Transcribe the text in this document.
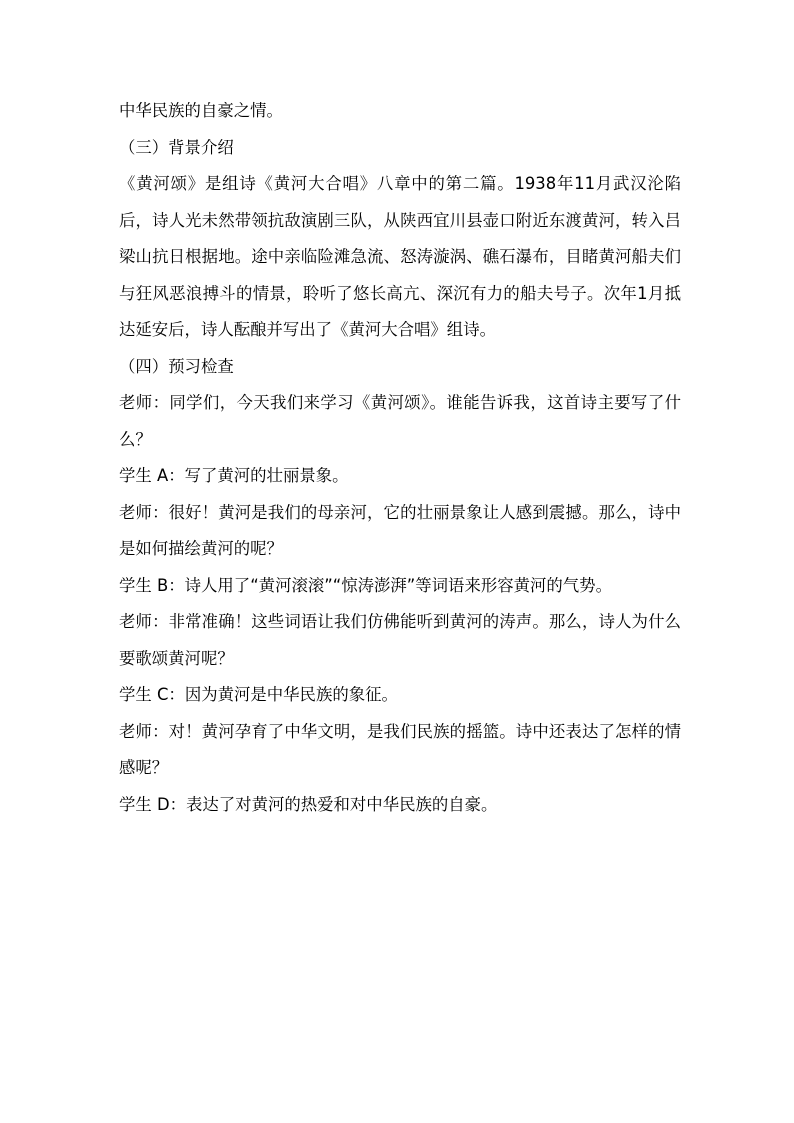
中华民族的自豪之情。

（三）背景介绍

《黄河颂》是组诗《黄河大合唱》八章中的第二篇。1938年11月武汉沦陷后，诗人光未然带领抗敌演剧三队，从陕西宜川县壶口附近东渡黄河，转入吕梁山抗日根据地。途中亲临险滩急流、怒涛漩涡、礁石瀑布，目睹黄河船夫们与狂风恶浪搏斗的情景，聆听了悠长高亢、深沉有力的船夫号子。次年1月抵达延安后，诗人酝酿并写出了《黄河大合唱》组诗。

（四）预习检查

老师：同学们，今天我们来学习《黄河颂》。谁能告诉我，这首诗主要写了什么？

学生 A：写了黄河的壮丽景象。

老师：很好！黄河是我们的母亲河，它的壮丽景象让人感到震撼。那么，诗中是如何描绘黄河的呢？

学生 B：诗人用了“黄河滚滚”“惊涛澎湃”等词语来形容黄河的气势。

老师：非常准确！这些词语让我们仿佛能听到黄河的涛声。那么，诗人为什么要歌颂黄河呢？

学生 C：因为黄河是中华民族的象征。

老师：对！黄河孕育了中华文明，是我们民族的摇篮。诗中还表达了怎样的情感呢？

学生 D：表达了对黄河的热爱和对中华民族的自豪。
